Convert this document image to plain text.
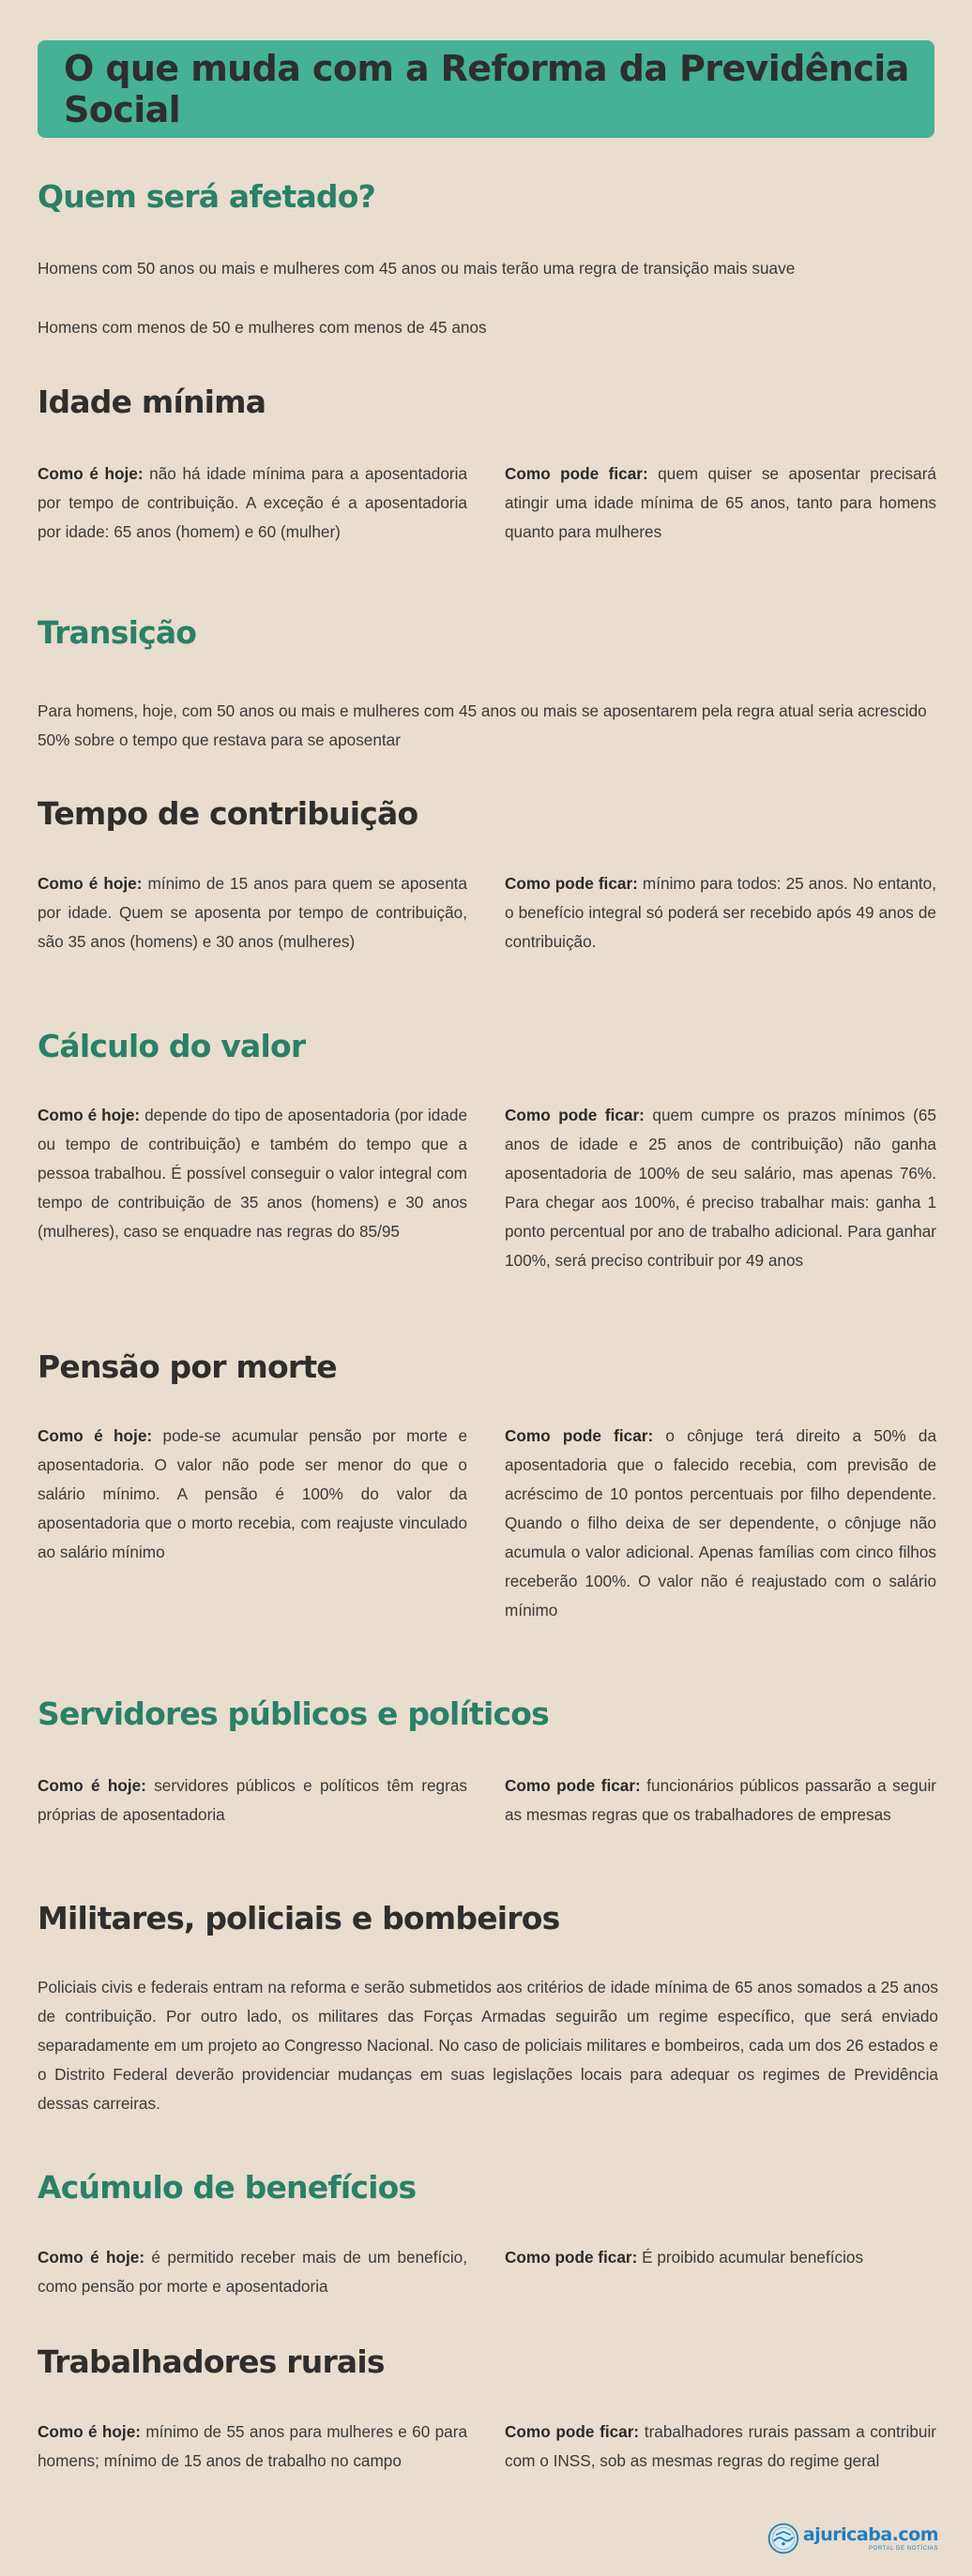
O que muda com a Reforma da Previdência Social
Quem será afetado?

Homens com 50 anos ou mais e mulheres com 45 anos ou mais terão uma regra de transição mais suave

Homens com menos de 50 e mulheres com menos de 45 anos

Idade mínima

Como é hoje: não há idade mínima para a aposentadoria por tempo de contribuição. A exceção é a aposentadoria por idade: 65 anos (homem) e 60 (mulher)

Como pode ficar: quem quiser se aposentar precisará atingir uma idade mínima de 65 anos, tanto para homens quanto para mulheres

Transição

Para homens, hoje, com 50 anos ou mais e mulheres com 45 anos ou mais se aposentarem pela regra atual seria acrescido 50% sobre o tempo que restava para se aposentar

Tempo de contribuição

Como é hoje: mínimo de 15 anos para quem se aposenta por idade. Quem se aposenta por tempo de contribuição, são 35 anos (homens) e 30 anos (mulheres)

Como pode ficar: mínimo para todos: 25 anos. No entanto, o benefício integral só poderá ser recebido após 49 anos de contribuição.

Cálculo do valor

Como é hoje: depende do tipo de aposentadoria (por idade ou tempo de contribuição) e também do tempo que a pessoa trabalhou. É possível conseguir o valor integral com tempo de contribuição de 35 anos (homens) e 30 anos (mulheres), caso se enquadre nas regras do 85/95

Como pode ficar: quem cumpre os prazos mínimos (65 anos de idade e 25 anos de contribuição) não ganha aposentadoria de 100% de seu salário, mas apenas 76%. Para chegar aos 100%, é preciso trabalhar mais: ganha 1 ponto percentual por ano de trabalho adicional. Para ganhar 100%, será preciso contribuir por 49 anos

Pensão por morte

Como é hoje: pode-se acumular pensão por morte e aposentadoria. O valor não pode ser menor do que o salário mínimo. A pensão é 100% do valor da aposentadoria que o morto recebia, com reajuste vinculado ao salário mínimo

Como pode ficar: o cônjuge terá direito a 50% da aposentadoria que o falecido recebia, com previsão de acréscimo de 10 pontos percentuais por filho dependente. Quando o filho deixa de ser dependente, o cônjuge não acumula o valor adicional. Apenas famílias com cinco filhos receberão 100%. O valor não é reajustado com o salário mínimo

Servidores públicos e políticos

Como é hoje: servidores públicos e políticos têm regras próprias de aposentadoria

Como pode ficar: funcionários públicos passarão a seguir as mesmas regras que os trabalhadores de empresas

Militares, policiais e bombeiros

Policiais civis e federais entram na reforma e serão submetidos aos critérios de idade mínima de 65 anos somados a 25 anos de contribuição. Por outro lado, os militares das Forças Armadas seguirão um regime específico, que será enviado separadamente em um projeto ao Congresso Nacional. No caso de policiais militares e bombeiros, cada um dos 26 estados e o Distrito Federal deverão providenciar mudanças em suas legislações locais para adequar os regimes de Previdência dessas carreiras.

Acúmulo de benefícios

Como é hoje: é permitido receber mais de um benefício, como pensão por morte e aposentadoria

Como pode ficar: É proibido acumular benefícios

Trabalhadores rurais

Como é hoje: mínimo de 55 anos para mulheres e 60 para homens; mínimo de 15 anos de trabalho no campo

Como pode ficar: trabalhadores rurais passam a contribuir com o INSS, sob as mesmas regras do regime geral

ajuricaba.com
PORTAL DE NOTÍCIAS
